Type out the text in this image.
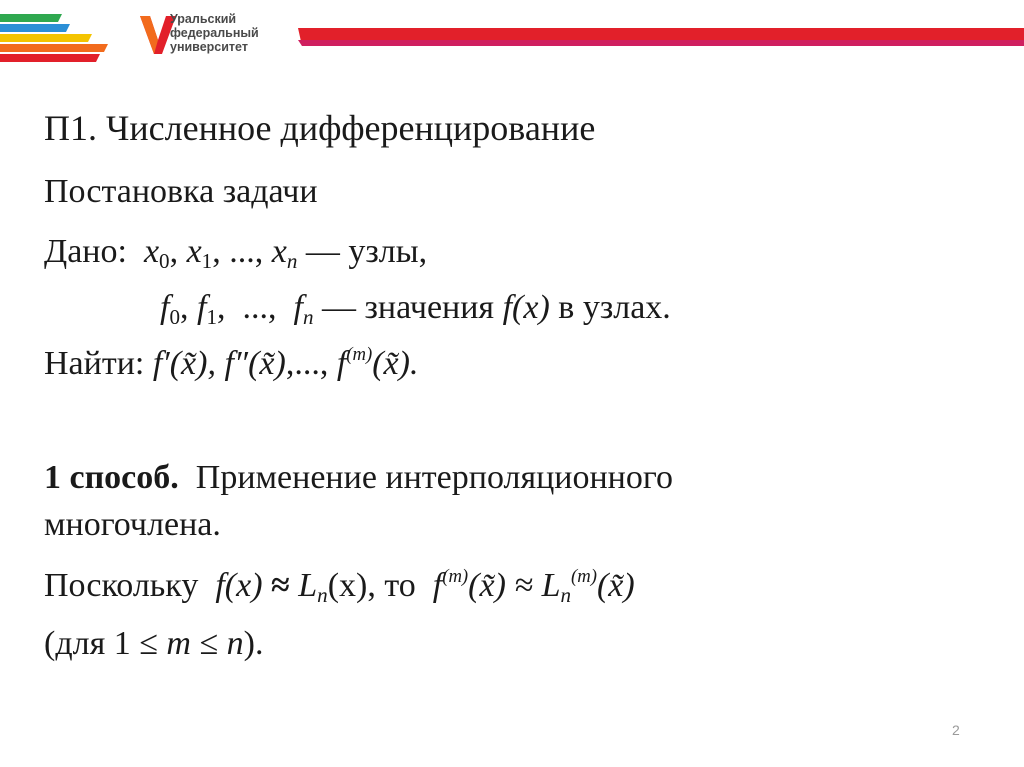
Уральский
федеральный
университет
П1. Численное дифференцирование
Постановка задачи
Дано: x0, x1, ..., xn — узлы,
f0, f1,  ..., fn — значения f(x) в узлах.
Найти: f′(x̃), f″(x̃),..., $f^{(m)}(x̃)$.
1 способ. Применение интерполяционного
многочлена.
Поскольку f(x) ≈ Ln(x), то $f^{(m)}(x̃)$ ≈ $Ln^{(m)}(x̃)$
(для 1 ≤ m ≤ n).
2
